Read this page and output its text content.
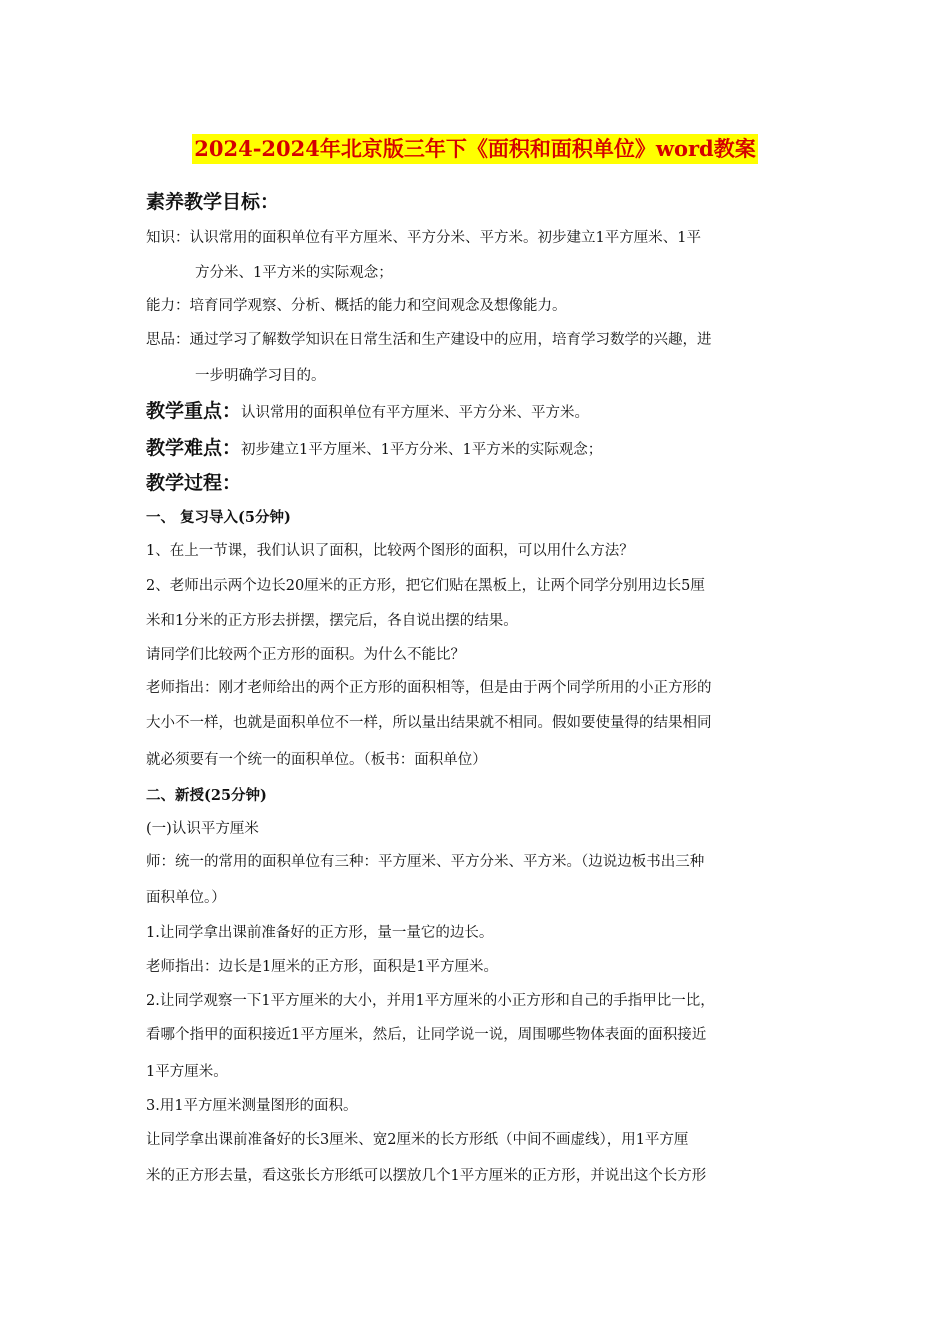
2024-2024年北京版三年下《面积和面积单位》word教案
素养教学目标：
知识：认识常用的面积单位有平方厘米、平方分米、平方米。初步建立1平方厘米、1平
方分米、1平方米的实际观念；
能力：培育同学观察、分析、概括的能力和空间观念及想像能力。
思品：通过学习了解数学知识在日常生活和生产建设中的应用，培育学习数学的兴趣，进
一步明确学习目的。
教学重点：认识常用的面积单位有平方厘米、平方分米、平方米。
教学难点：初步建立1平方厘米、1平方分米、1平方米的实际观念；
教学过程：
一、 复习导入(5分钟)
1、在上一节课，我们认识了面积，比较两个图形的面积，可以用什么方法？
2、老师出示两个边长20厘米的正方形，把它们贴在黑板上，让两个同学分别用边长5厘
米和1分米的正方形去拼摆，摆完后，各自说出摆的结果。
请同学们比较两个正方形的面积。为什么不能比？
老师指出：刚才老师给出的两个正方形的面积相等，但是由于两个同学所用的小正方形的
大小不一样，也就是面积单位不一样，所以量出结果就不相同。假如要使量得的结果相同
就必须要有一个统一的面积单位。（板书：面积单位）
二、新授(25分钟)
(一)认识平方厘米
师：统一的常用的面积单位有三种：平方厘米、平方分米、平方米。（边说边板书出三种
面积单位。）
1.让同学拿出课前准备好的正方形，量一量它的边长。
老师指出：边长是1厘米的正方形，面积是1平方厘米。
2.让同学观察一下1平方厘米的大小，并用1平方厘米的小正方形和自己的手指甲比一比，
看哪个指甲的面积接近1平方厘米，然后，让同学说一说，周围哪些物体表面的面积接近
1平方厘米。
3.用1平方厘米测量图形的面积。
让同学拿出课前准备好的长3厘米、宽2厘米的长方形纸（中间不画虚线），用1平方厘
米的正方形去量，看这张长方形纸可以摆放几个1平方厘米的正方形，并说出这个长方形
